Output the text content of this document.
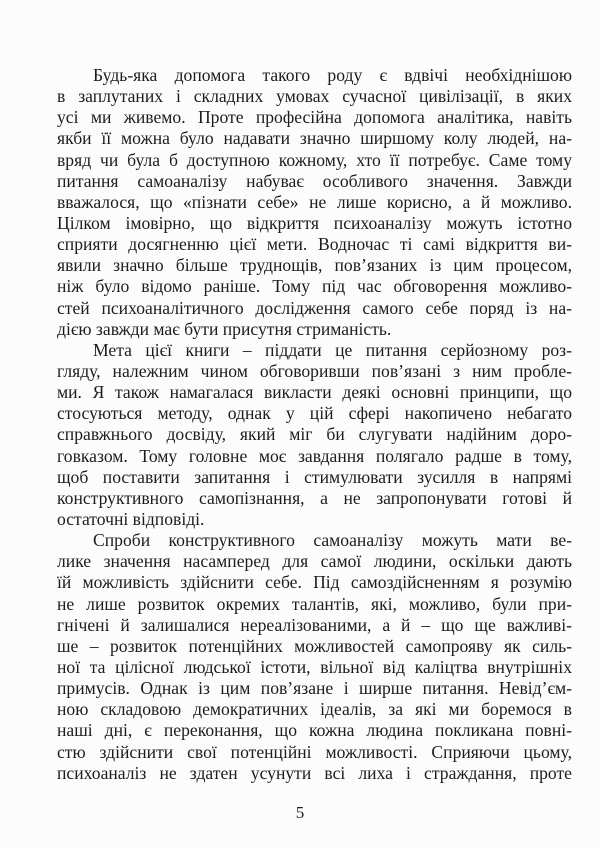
Будь-яка допомога такого роду є вдвічі необхіднішою
в заплутаних і складних умовах сучасної цивілізації, в яких
усі ми живемо. Проте професійна допомога аналітика, навіть
якби її можна було надавати значно ширшому колу людей, на-
вряд чи була б доступною кожному, хто її потребує. Саме тому
питання самоаналізу набуває особливого значення. Завжди
вважалося, що «пізнати себе» не лише корисно, а й можливо.
Цілком імовірно, що відкриття психоаналізу можуть істотно
сприяти досягненню цієї мети. Водночас ті самі відкриття ви-
явили значно більше труднощів, пов’язаних із цим процесом,
ніж було відомо раніше. Тому під час обговорення можливо-
стей психоаналітичного дослідження самого себе поряд із на-
дією завжди має бути присутня стриманість.
Мета цієї книги – піддати це питання серйозному роз-
гляду, належним чином обговоривши пов’язані з ним пробле-
ми. Я також намагалася викласти деякі основні принципи, що
стосуються методу, однак у цій сфері накопичено небагато
справжнього досвіду, який міг би слугувати надійним доро-
говказом. Тому головне моє завдання полягало радше в тому,
щоб поставити запитання і стимулювати зусилля в напрямі
конструктивного самопізнання, а не запропонувати готові й
остаточні відповіді.
Спроби конструктивного самоаналізу можуть мати ве-
лике значення насамперед для самої людини, оскільки дають
їй можливість здійснити себе. Під самоздійсненням я розумію
не лише розвиток окремих талантів, які, можливо, були при-
гнічені й залишалися нереалізованими, а й – що ще важливі-
ше – розвиток потенційних можливостей самопрояву як силь-
ної та цілісної людської істоти, вільної від каліцтва внутрішніх
примусів. Однак із цим пов’язане і ширше питання. Невід’єм-
ною складовою демократичних ідеалів, за які ми боремося в
наші дні, є переконання, що кожна людина покликана повні-
стю здійснити свої потенційні можливості. Сприяючи цьому,
психоаналіз не здатен усунути всі лиха і страждання, проте
5
